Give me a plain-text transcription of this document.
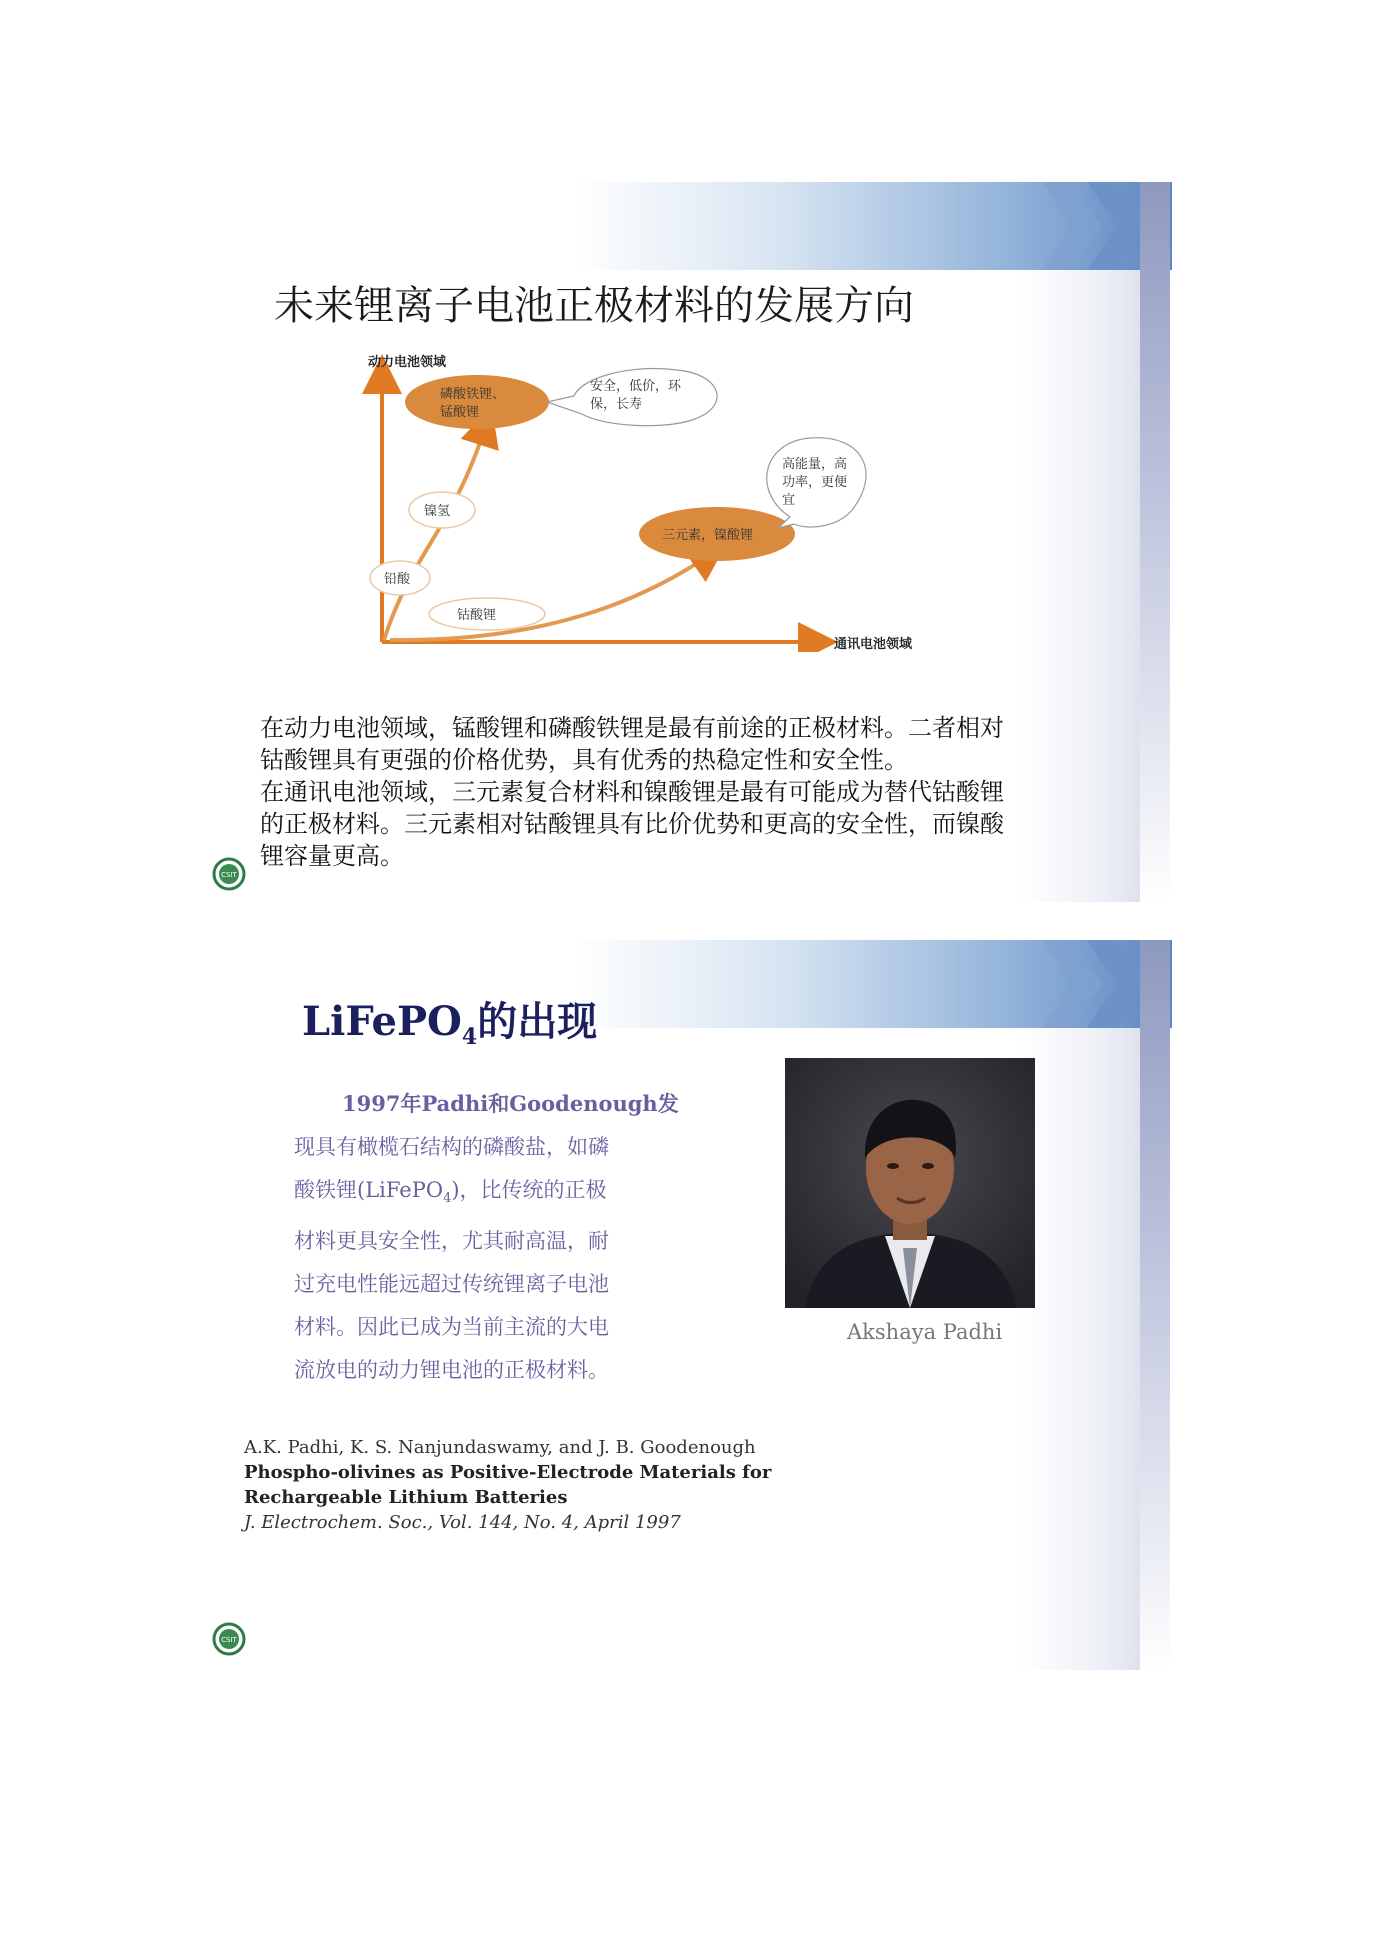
未来锂离子电池正极材料的发展方向
动力电池领域
通讯电池领域
磷酸铁锂、
锰酸锂
三元素，镍酸锂
镍氢
铅酸
钴酸锂
安全，低价，环
保，长寿
高能量，高
功率，更便
宜

在动力电池领域，锰酸锂和磷酸铁锂是最有前途的正极材料。二者相对

钴酸锂具有更强的价格优势，具有优秀的热稳定性和安全性。

在通讯电池领域，三元素复合材料和镍酸锂是最有可能成为替代钴酸锂

的正极材料。三元素相对钴酸锂具有比价优势和更高的安全性，而镍酸

锂容量更高。

CSIT
LiFePO$_4$的出现
1997年Padhi和Goodenough发
现具有橄榄石结构的磷酸盐，如磷
酸铁锂(LiFePO$_4$)，比传统的正极
材料更具安全性，尤其耐高温，耐
过充电性能远超过传统锂离子电池
材料。因此已成为当前主流的大电
流放电的动力锂电池的正极材料。
Akshaya Padhi
A.K. Padhi, K. S. Nanjundaswamy, and J. B. Goodenough
Phospho-olivines as Positive-Electrode Materials for
Rechargeable Lithium Batteries
J. Electrochem. Soc., Vol. 144, No. 4, April 1997
CSIT
